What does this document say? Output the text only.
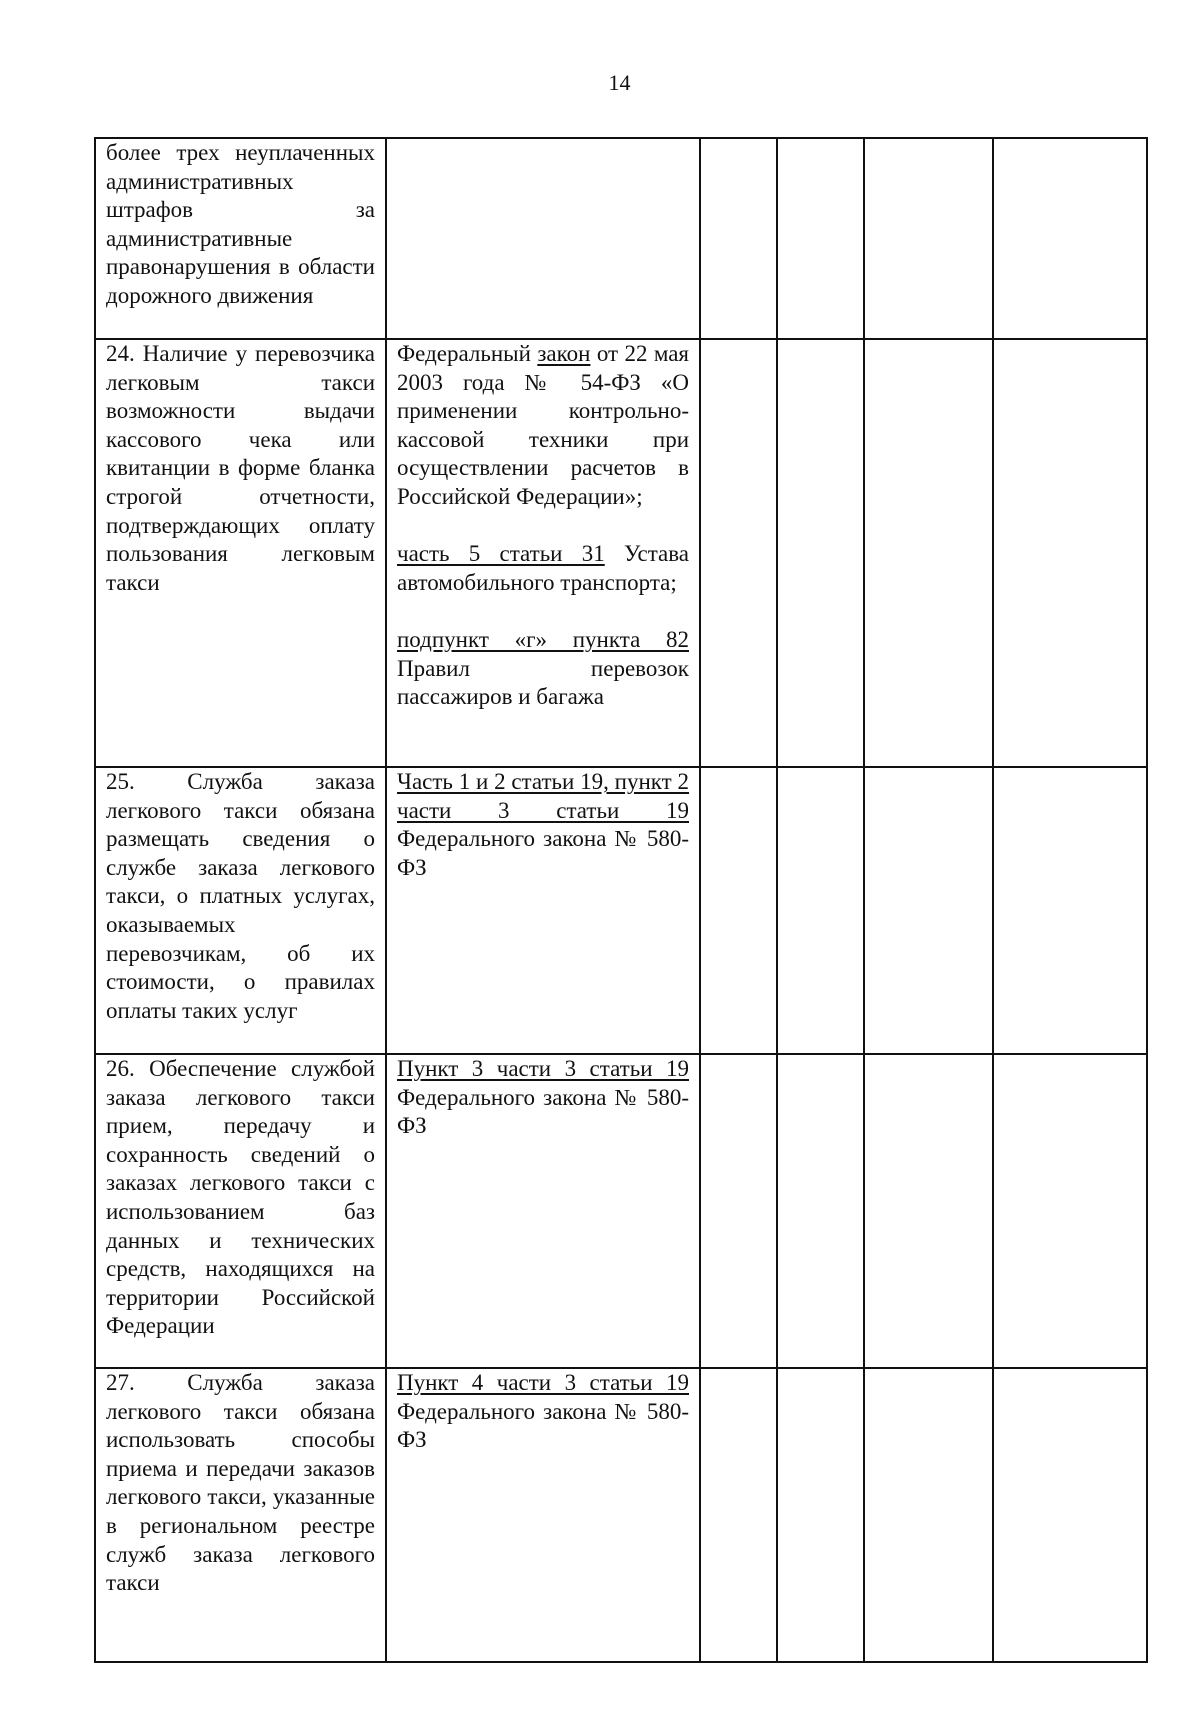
14
более трех неуплаченных административных штрафов за административные правонарушения в области дорожного движения					
24. Наличие у перевозчика легковым такси возможности выдачи кассового чека или квитанции в форме бланка строгой отчетности, подтверждающих оплату пользования легковым такси	Федеральный закон от 22 мая 2003 года № 54-ФЗ «О применении контрольно-кассовой техники при осуществлении расчетов в Российской Федерации»;
часть 5 статьи 31 Устава автомобильного транспорта;
подпункт «г» пункта 82 Правил перевозок пассажиров и багажа				

25. Служба заказа легкового такси обязана размещать сведения о службе заказа легкового такси, о платных услугах, оказываемых перевозчикам, об их стоимости, о правилах оплаты таких услуг	Часть 1 и 2 статьи 19, пункт 2 части 3 статьи 19 Федерального закона № 580-ФЗ				

26. Обеспечение службой заказа легкового такси прием, передачу и сохранность сведений о заказах легкового такси с использованием баз данных и технических средств, находящихся на территории Российской Федерации	Пункт 3 части 3 статьи 19 Федерального закона № 580-ФЗ				

27. Служба заказа легкового такси обязана использовать способы приема и передачи заказов легкового такси, указанные в региональном реестре служб заказа легкового такси	Пункт 4 части 3 статьи 19 Федерального закона № 580-ФЗ				
